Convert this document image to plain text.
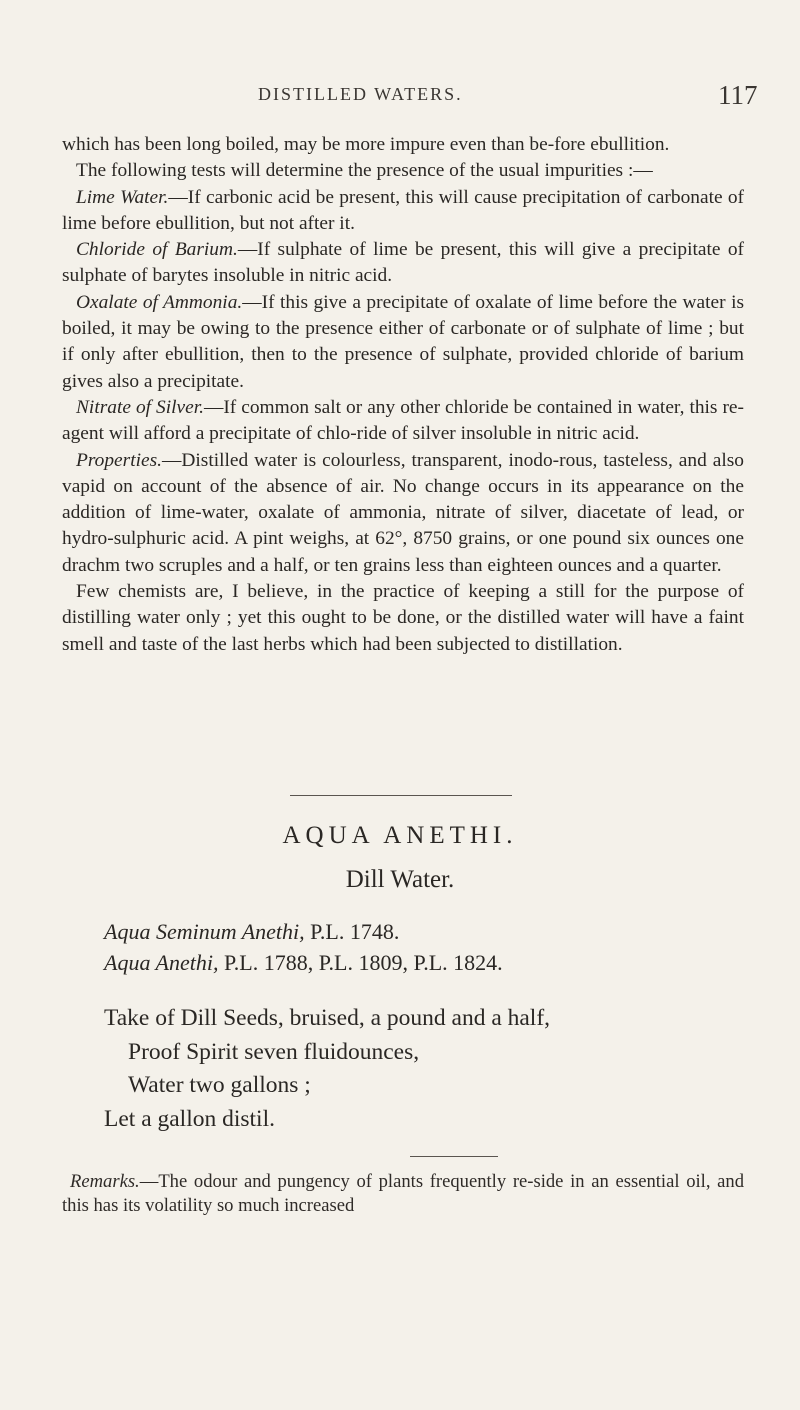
DISTILLED WATERS.	117

which has been long boiled, may be more impure even than be-fore ebullition.

The following tests will determine the presence of the usual impurities :—

Lime Water.—If carbonic acid be present, this will cause precipitation of carbonate of lime before ebullition, but not after it.

Chloride of Barium.—If sulphate of lime be present, this will give a precipitate of sulphate of barytes insoluble in nitric acid.

Oxalate of Ammonia.—If this give a precipitate of oxalate of lime before the water is boiled, it may be owing to the presence either of carbonate or of sulphate of lime ; but if only after ebullition, then to the presence of sulphate, provided chloride of barium gives also a precipitate.

Nitrate of Silver.—If common salt or any other chloride be contained in water, this re-agent will afford a precipitate of chlo-ride of silver insoluble in nitric acid.

Properties.—Distilled water is colourless, transparent, inodo-rous, tasteless, and also vapid on account of the absence of air. No change occurs in its appearance on the addition of lime-water, oxalate of ammonia, nitrate of silver, diacetate of lead, or hydro-sulphuric acid. A pint weighs, at 62°, 8750 grains, or one pound six ounces one drachm two scruples and a half, or ten grains less than eighteen ounces and a quarter.

Few chemists are, I believe, in the practice of keeping a still for the purpose of distilling water only ; yet this ought to be done, or the distilled water will have a faint smell and taste of the last herbs which had been subjected to distillation.

AQUA ANETHI.
Dill Water.
Aqua Seminum Anethi, P.L. 1748.
Aqua Anethi, P.L. 1788, P.L. 1809, P.L. 1824.
Take of Dill Seeds, bruised, a pound and a half,
Proof Spirit seven fluidounces,
Water two gallons ;
Let a gallon distil.

Remarks.—The odour and pungency of plants frequently re-side in an essential oil, and this has its volatility so much increased
